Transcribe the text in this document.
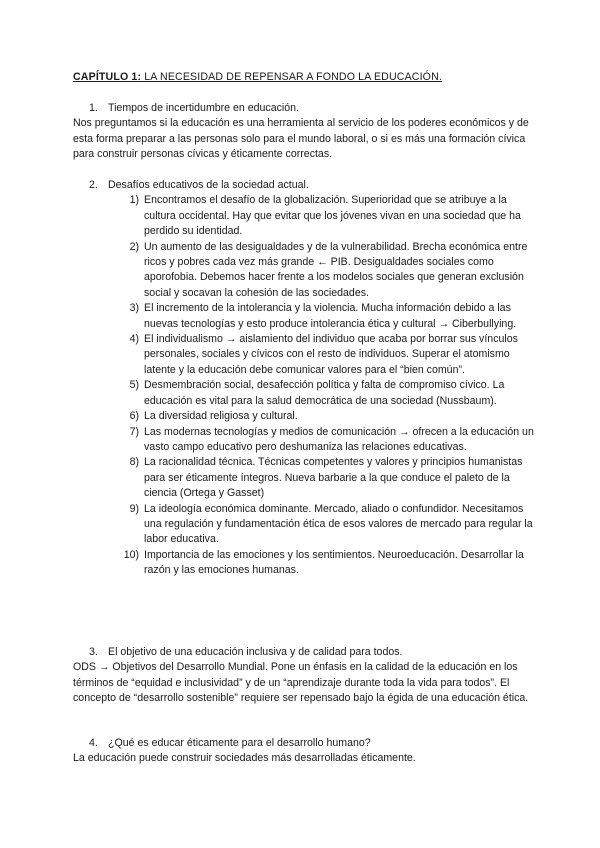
CAPÍTULO 1: LA NECESIDAD DE REPENSAR A FONDO LA EDUCACIÓN.
1. Tiempos de incertidumbre en educación.

Nos preguntamos si la educación es una herramienta al servicio de los poderes económicos y de esta forma preparar a las personas solo para el mundo laboral, o si es más una formación cívica para construir personas cívicas y éticamente correctas.

2. Desafíos educativos de la sociedad actual.
1) Encontramos el desafío de la globalización. Superioridad que se atribuye a la cultura occidental. Hay que evitar que los jóvenes vivan en una sociedad que ha perdido su identidad.
2) Un aumento de las desigualdades y de la vulnerabilidad. Brecha económica entre ricos y pobres cada vez más grande ← PIB. Desigualdades sociales como aporofobia. Debemos hacer frente a los modelos sociales que generan exclusión social y socavan la cohesión de las sociedades.
3) El incremento de la intolerancia y la violencia. Mucha información debido a las nuevas tecnologías y esto produce intolerancia ética y cultural → Ciberbullying.
4) El individualismo → aislamiento del individuo que acaba por borrar sus vínculos personales, sociales y cívicos con el resto de individuos. Superar el atomismo latente y la educación debe comunicar valores para el “bien común”.
5) Desmembración social, desafección política y falta de compromiso cívico. La educación es vital para la salud democrática de una sociedad (Nussbaum).
6) La diversidad religiosa y cultural.
7) Las modernas tecnologías y medios de comunicación → ofrecen a la educación un vasto campo educativo pero deshumaniza las relaciones educativas.
8) La racionalidad técnica. Técnicas competentes y valores y principios humanistas para ser éticamente íntegros. Nueva barbarie a la que conduce el paleto de la ciencia (Ortega y Gasset)
9) La ideología económica dominante. Mercado, aliado o confundidor. Necesitamos una regulación y fundamentación ética de esos valores de mercado para regular la labor educativa.
10) Importancia de las emociones y los sentimientos. Neuroeducación. Desarrollar la razón y las emociones humanas.
3. El objetivo de una educación inclusiva y de calidad para todos.

ODS → Objetivos del Desarrollo Mundial. Pone un énfasis en la calidad de la educación en los términos de “equidad e inclusividad” y de un “aprendizaje durante toda la vida para todos”. El concepto de “desarrollo sostenible” requiere ser repensado bajo la égida de una educación ética.

4. ¿Qué es educar éticamente para el desarrollo humano?

La educación puede construir sociedades más desarrolladas éticamente.
